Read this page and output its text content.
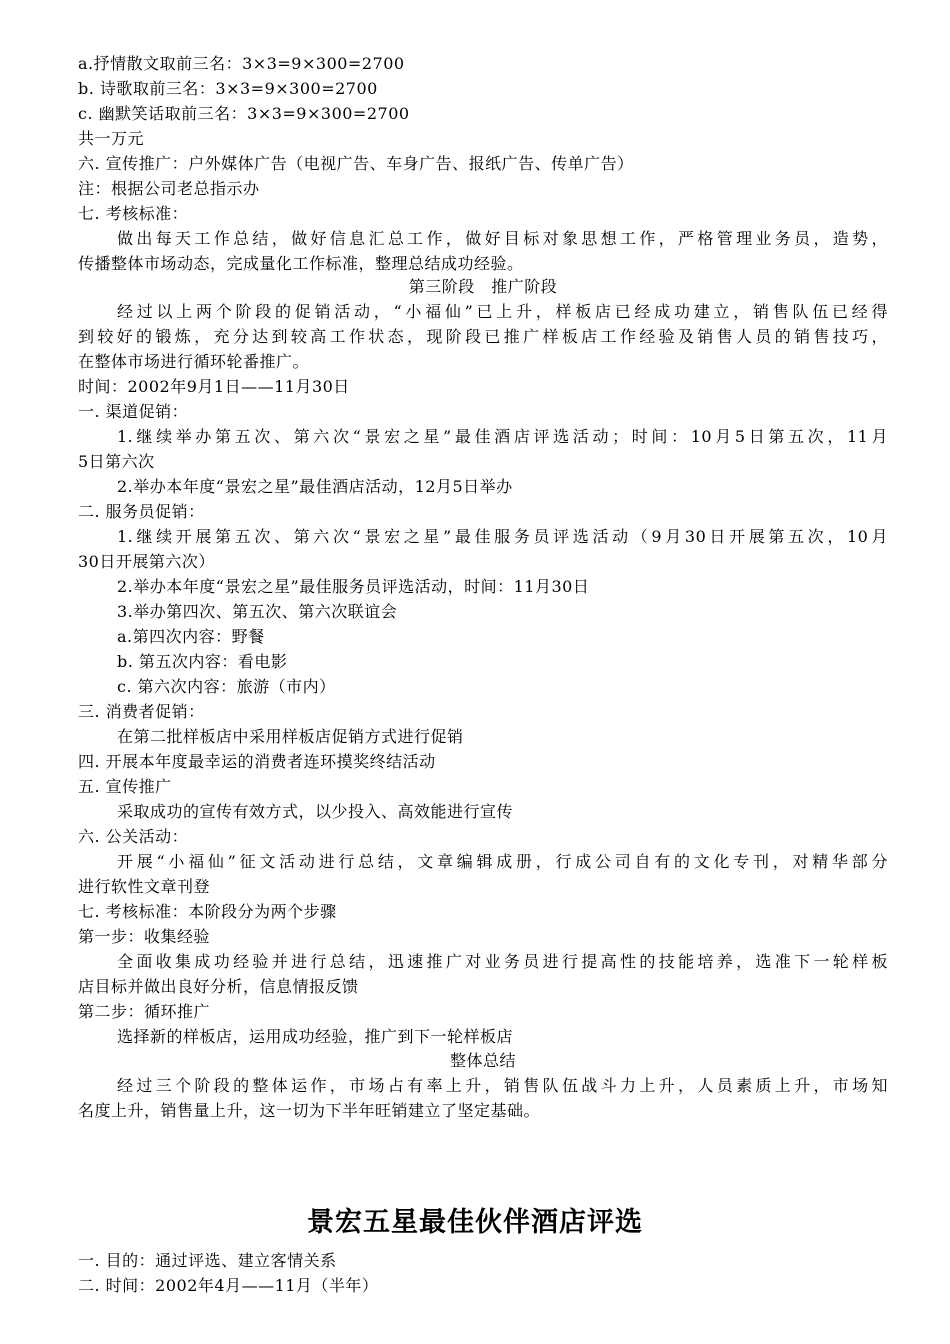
a.抒情散文取前三名：3×3=9×300=2700
b. 诗歌取前三名：3×3=9×300=2700
c. 幽默笑话取前三名：3×3=9×300=2700
共一万元
六. 宣传推广：户外媒体广告（电视广告、车身广告、报纸广告、传单广告）
注：根据公司老总指示办
七. 考核标准：
做出每天工作总结，做好信息汇总工作，做好目标对象思想工作，严格管理业务员，造势，
传播整体市场动态，完成量化工作标准，整理总结成功经验。
第三阶段　推广阶段
经过以上两个阶段的促销活动，“小福仙”已上升，样板店已经成功建立，销售队伍已经得
到较好的锻炼，充分达到较高工作状态，现阶段已推广样板店工作经验及销售人员的销售技巧，
在整体市场进行循环轮番推广。
时间：2002年9月1日——11月30日
一. 渠道促销：
1.继续举办第五次、第六次“景宏之星”最佳酒店评选活动；时间：10月5日第五次，11月
5日第六次
2.举办本年度“景宏之星”最佳酒店活动，12月5日举办
二. 服务员促销：
1.继续开展第五次、第六次“景宏之星”最佳服务员评选活动（9月30日开展第五次，10月
30日开展第六次）
2.举办本年度“景宏之星”最佳服务员评选活动，时间：11月30日
3.举办第四次、第五次、第六次联谊会
a.第四次内容：野餐
b. 第五次内容：看电影
c. 第六次内容：旅游（市内）
三. 消费者促销：
在第二批样板店中采用样板店促销方式进行促销
四. 开展本年度最幸运的消费者连环摸奖终结活动
五. 宣传推广
采取成功的宣传有效方式，以少投入、高效能进行宣传
六. 公关活动：
开展“小福仙”征文活动进行总结，文章编辑成册，行成公司自有的文化专刊，对精华部分
进行软性文章刊登
七. 考核标准：本阶段分为两个步骤
第一步：收集经验
全面收集成功经验并进行总结，迅速推广对业务员进行提高性的技能培养，选准下一轮样板
店目标并做出良好分析，信息情报反馈
第二步：循环推广
选择新的样板店，运用成功经验，推广到下一轮样板店
整体总结
经过三个阶段的整体运作，市场占有率上升，销售队伍战斗力上升，人员素质上升，市场知
名度上升，销售量上升，这一切为下半年旺销建立了坚定基础。
景宏五星最佳伙伴酒店评选
一. 目的：通过评选、建立客情关系
二. 时间：2002年4月——11月（半年）
